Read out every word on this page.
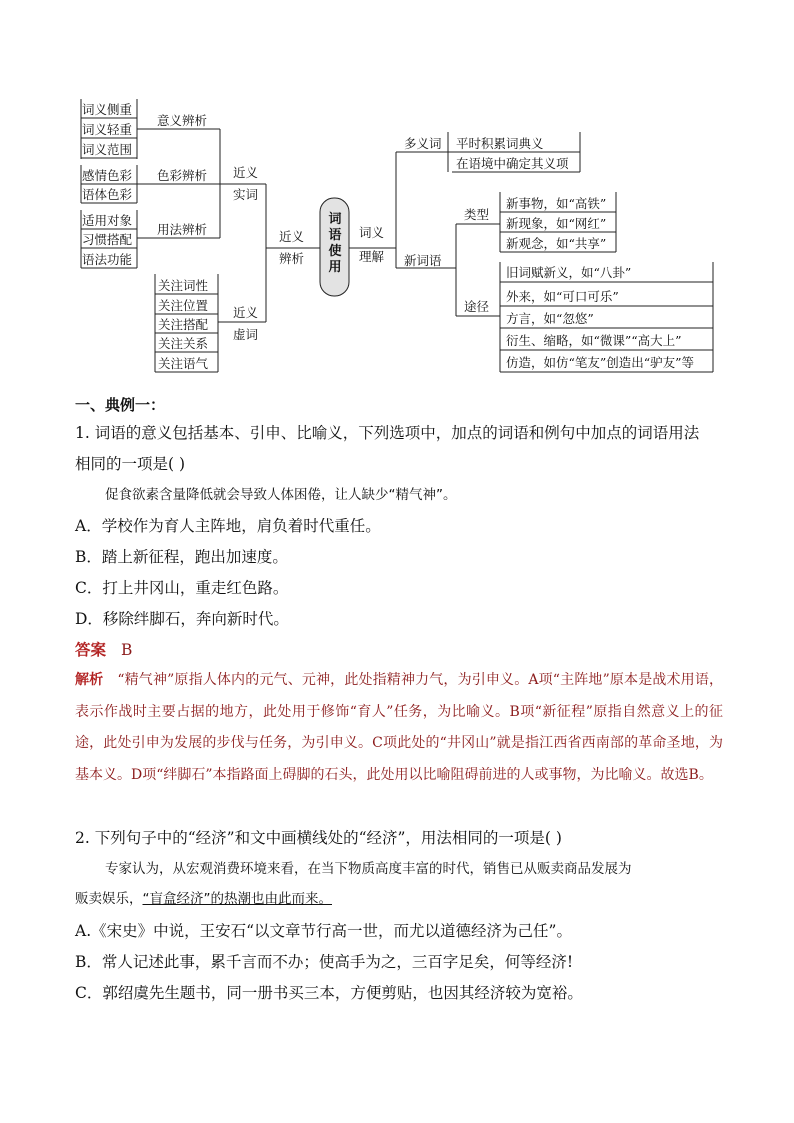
词语使用
近义
辨析
近义
实词
近义
虚词
意义辨析
色彩辨析
用法辨析
词义侧重
词义轻重
词义范围
感情色彩
语体色彩
适用对象
习惯搭配
语法功能
关注词性
关注位置
关注搭配
关注关系
关注语气
词义
理解
多义词
新词语
类型
途径
平时积累词典义
在语境中确定其义项
新事物，如“高铁”
新现象，如“网红”
新观念，如“共享”
旧词赋新义，如“八卦”
外来，如“可口可乐”
方言，如“忽悠”
衍生、缩略，如“微课”“高大上”
仿造，如仿“笔友”创造出“驴友”等
一、典例一：
1. 词语的意义包括基本、引申、比喻义，下列选项中，加点的词语和例句中加点的词语用法
相同的一项是( )
促食欲素含量降低就会导致人体困倦，让人缺少“精气神”。
A．学校作为育人主阵地，肩负着时代重任。
B．踏上新征程，跑出加速度。
C．打上井冈山，重走红色路。
D．移除绊脚石，奔向新时代。
答案 B
解析 “精气神”原指人体内的元气、元神，此处指精神力气，为引申义。A项“主阵地”原本是战术用语，表示作战时主要占据的地方，此处用于修饰“育人”任务，为比喻义。B项“新征程”原指自然意义上的征途，此处引申为发展的步伐与任务，为引申义。C项此处的“井冈山”就是指江西省西南部的革命圣地，为基本义。D项“绊脚石”本指路面上碍脚的石头，此处用以比喻阻碍前进的人或事物，为比喻义。故选B。
2. 下列句子中的“经济”和文中画横线处的“经济”，用法相同的一项是( )
专家认为，从宏观消费环境来看，在当下物质高度丰富的时代，销售已从贩卖商品发展为
贩卖娱乐，“盲盒经济”的热潮也由此而来。
A.《宋史》中说，王安石“以文章节行高一世，而尤以道德经济为己任”。
B．常人记述此事，累千言而不办；使高手为之，三百字足矣，何等经济!
C．郭绍虞先生题书，同一册书买三本，方便剪贴，也因其经济较为宽裕。
